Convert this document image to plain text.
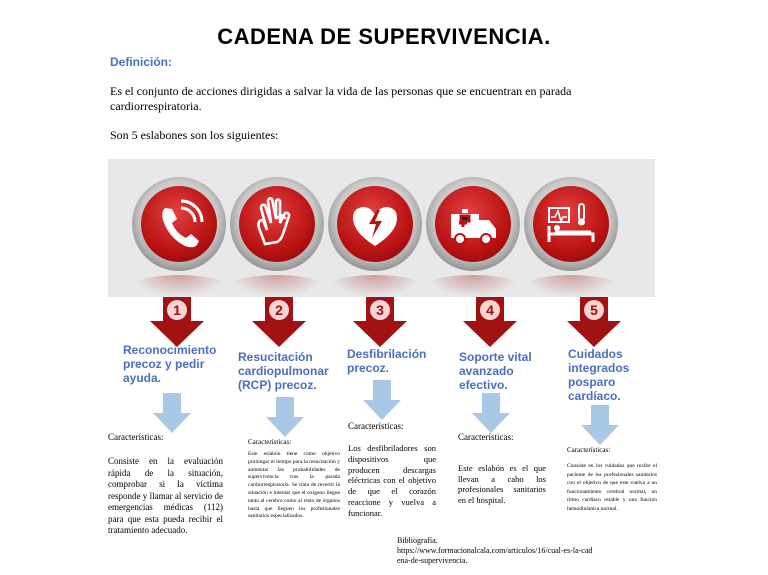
CADENA DE SUPERVIVENCIA.
Definición:
Es el conjunto de acciones dirigidas a salvar la vida de las personas que se encuentran en parada cardiorrespiratoria.
Son 5 eslabones son los siguientes:
1	2	3	4	5
Reconocimiento precoz y pedir ayuda.
Resucitación cardiopulmonar (RCP) precoz.
Desfibrilación precoz.
Soporte vital avanzado efectivo.
Cuidados integrados posparo cardíaco.
Características:	Características:
Características:
Características:
Características:
Consiste en la evaluación rápida de la situación, comprobar si la víctima responde y llamar al servicio de emergencias médicas (112) para que esta pueda recibir el tratamiento adecuado.
Este eslabón tiene como objetivo prolongar el tiempo para la resucitación y aumentar las probabilidades de supervivencia tras la parada cardiorrespiratoria. Se trata de revertir la situación e intentar que el oxígeno llegue tanto al cerebro como al resto de órganos hasta que lleguen los profesionales sanitarios especializados.
Los desfibriladores son dispositivos que producen descargas eléctricas con el objetivo de que el corazón reaccione y vuelva a funcionar.
Este eslabón es el que llevan a cabo los profesionales sanitarios en el hospital.
Consiste en los cuidados que recibe el paciente de los profesionales sanitarios con el objetivo de que este vuelva a un funcionamiento cerebral normal, un ritmo cardíaco estable y una función hemodinámica normal.
Bibliografía.
https://www.formacionalcala.com/articulos/16/cual-es-la-cadena-de-supervivencia.
